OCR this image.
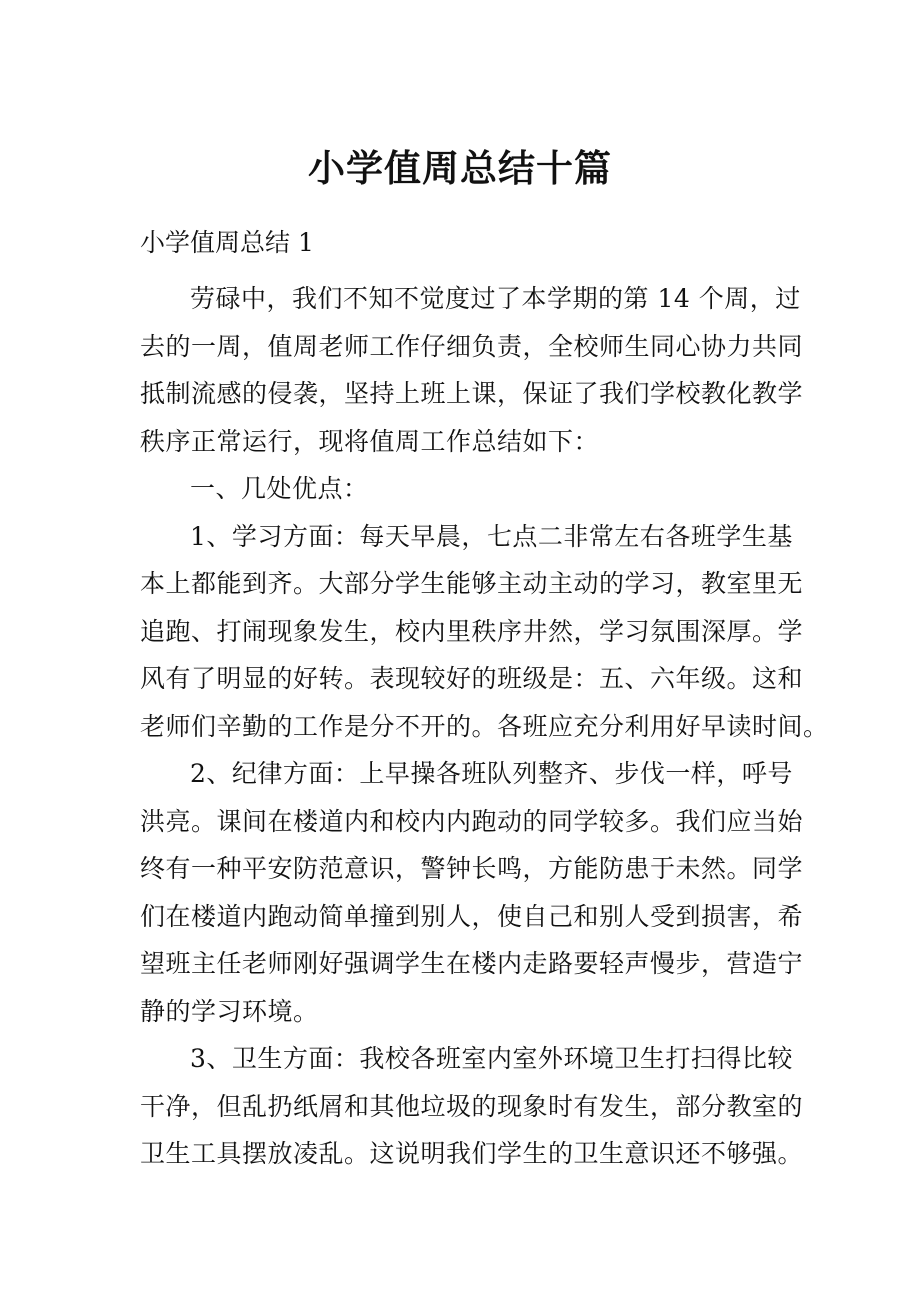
小学值周总结十篇
小学值周总结 1

劳碌中，我们不知不觉度过了本学期的第 14 个周，过
去的一周，值周老师工作仔细负责，全校师生同心协力共同
抵制流感的侵袭，坚持上班上课，保证了我们学校教化教学
秩序正常运行，现将值周工作总结如下：

一、几处优点：

1、学习方面：每天早晨，七点二非常左右各班学生基
本上都能到齐。大部分学生能够主动主动的学习，教室里无
追跑、打闹现象发生，校内里秩序井然，学习氛围深厚。学
风有了明显的好转。表现较好的班级是：五、六年级。这和
老师们辛勤的工作是分不开的。各班应充分利用好早读时间。

2、纪律方面：上早操各班队列整齐、步伐一样，呼号
洪亮。课间在楼道内和校内内跑动的同学较多。我们应当始
终有一种平安防范意识，警钟长鸣，方能防患于未然。同学
们在楼道内跑动简单撞到别人，使自己和别人受到损害，希
望班主任老师刚好强调学生在楼内走路要轻声慢步，营造宁
静的学习环境。

3、卫生方面：我校各班室内室外环境卫生打扫得比较
干净，但乱扔纸屑和其他垃圾的现象时有发生，部分教室的
卫生工具摆放凌乱。这说明我们学生的卫生意识还不够强。
